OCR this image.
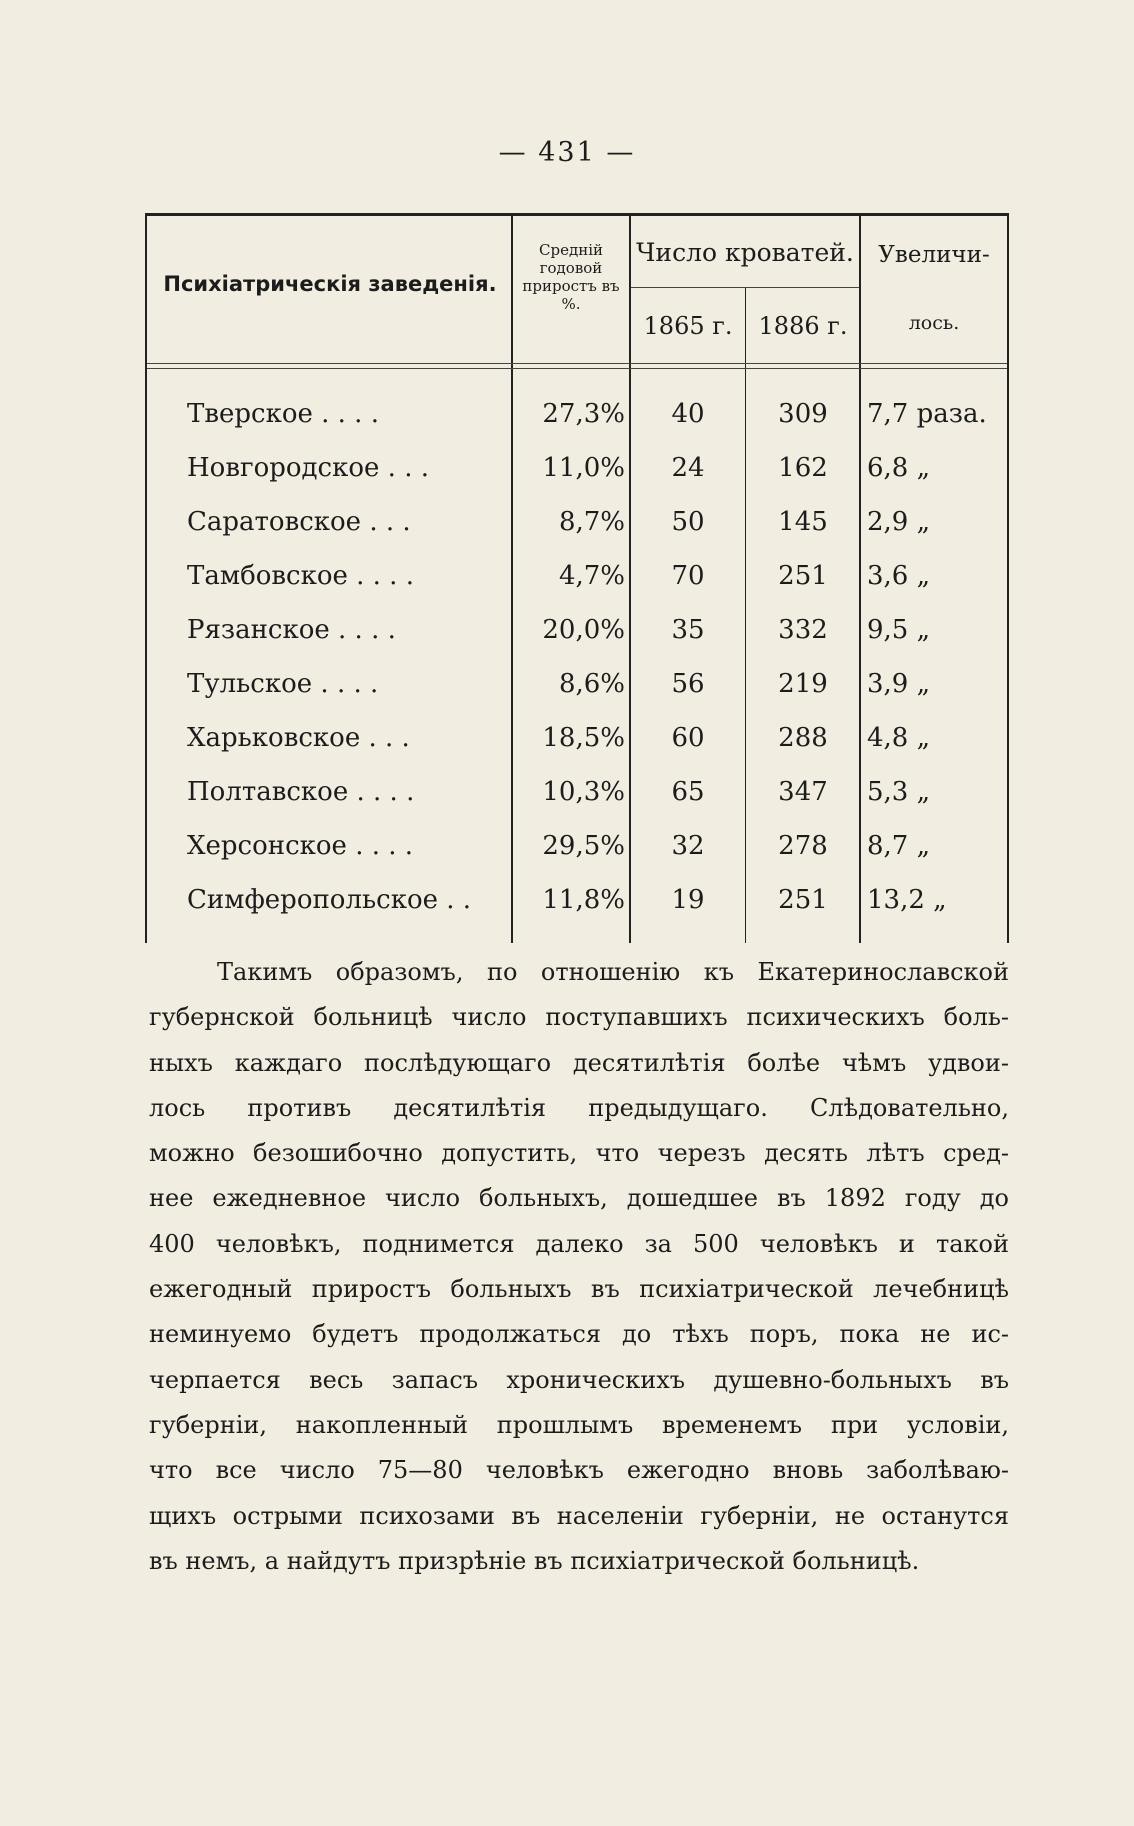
— 431 —
Психіатрическія заведенія.
Средній годовой приростъ въ %.
Число кроватей.
1865 г.	1886 г.
Увеличи-
лось.
Тверское . . . .	27,3%	40	309	7,7 раза.
Новгородское . . .	11,0%	24	162	6,8 „
Саратовское . . .	8,7%	50	145	2,9 „
Тамбовское . . . .	4,7%	70	251	3,6 „
Рязанское . . . .	20,0%	35	332	9,5 „
Тульское . . . .	8,6%	56	219	3,9 „
Харьковское . . .	18,5%	60	288	4,8 „
Полтавское . . . .	10,3%	65	347	5,3 „
Херсонское . . . .	29,5%	32	278	8,7 „
Симферопольское . .	11,8%	19	251	13,2 „
Такимъ образомъ, по отношенію къ Екатеринославской
губернской больницѣ число поступавшихъ психическихъ боль-
ныхъ каждаго послѣдующаго десятилѣтія болѣе чѣмъ удвои-
лось противъ десятилѣтія предыдущаго. Слѣдовательно,
можно безошибочно допустить, что черезъ десять лѣтъ сред-
нее ежедневное число больныхъ, дошедшее въ 1892 году до
400 человѣкъ, поднимется далеко за 500 человѣкъ и такой
ежегодный приростъ больныхъ въ психіатрической лечебницѣ
неминуемо будетъ продолжаться до тѣхъ поръ, пока не ис-
черпается весь запасъ хроническихъ душевно-больныхъ въ
губерніи, накопленный прошлымъ временемъ при условіи,
что все число 75—80 человѣкъ ежегодно вновь заболѣваю-
щихъ острыми психозами въ населеніи губерніи, не останутся
въ немъ, а найдутъ призрѣніе въ психіатрической больницѣ.
